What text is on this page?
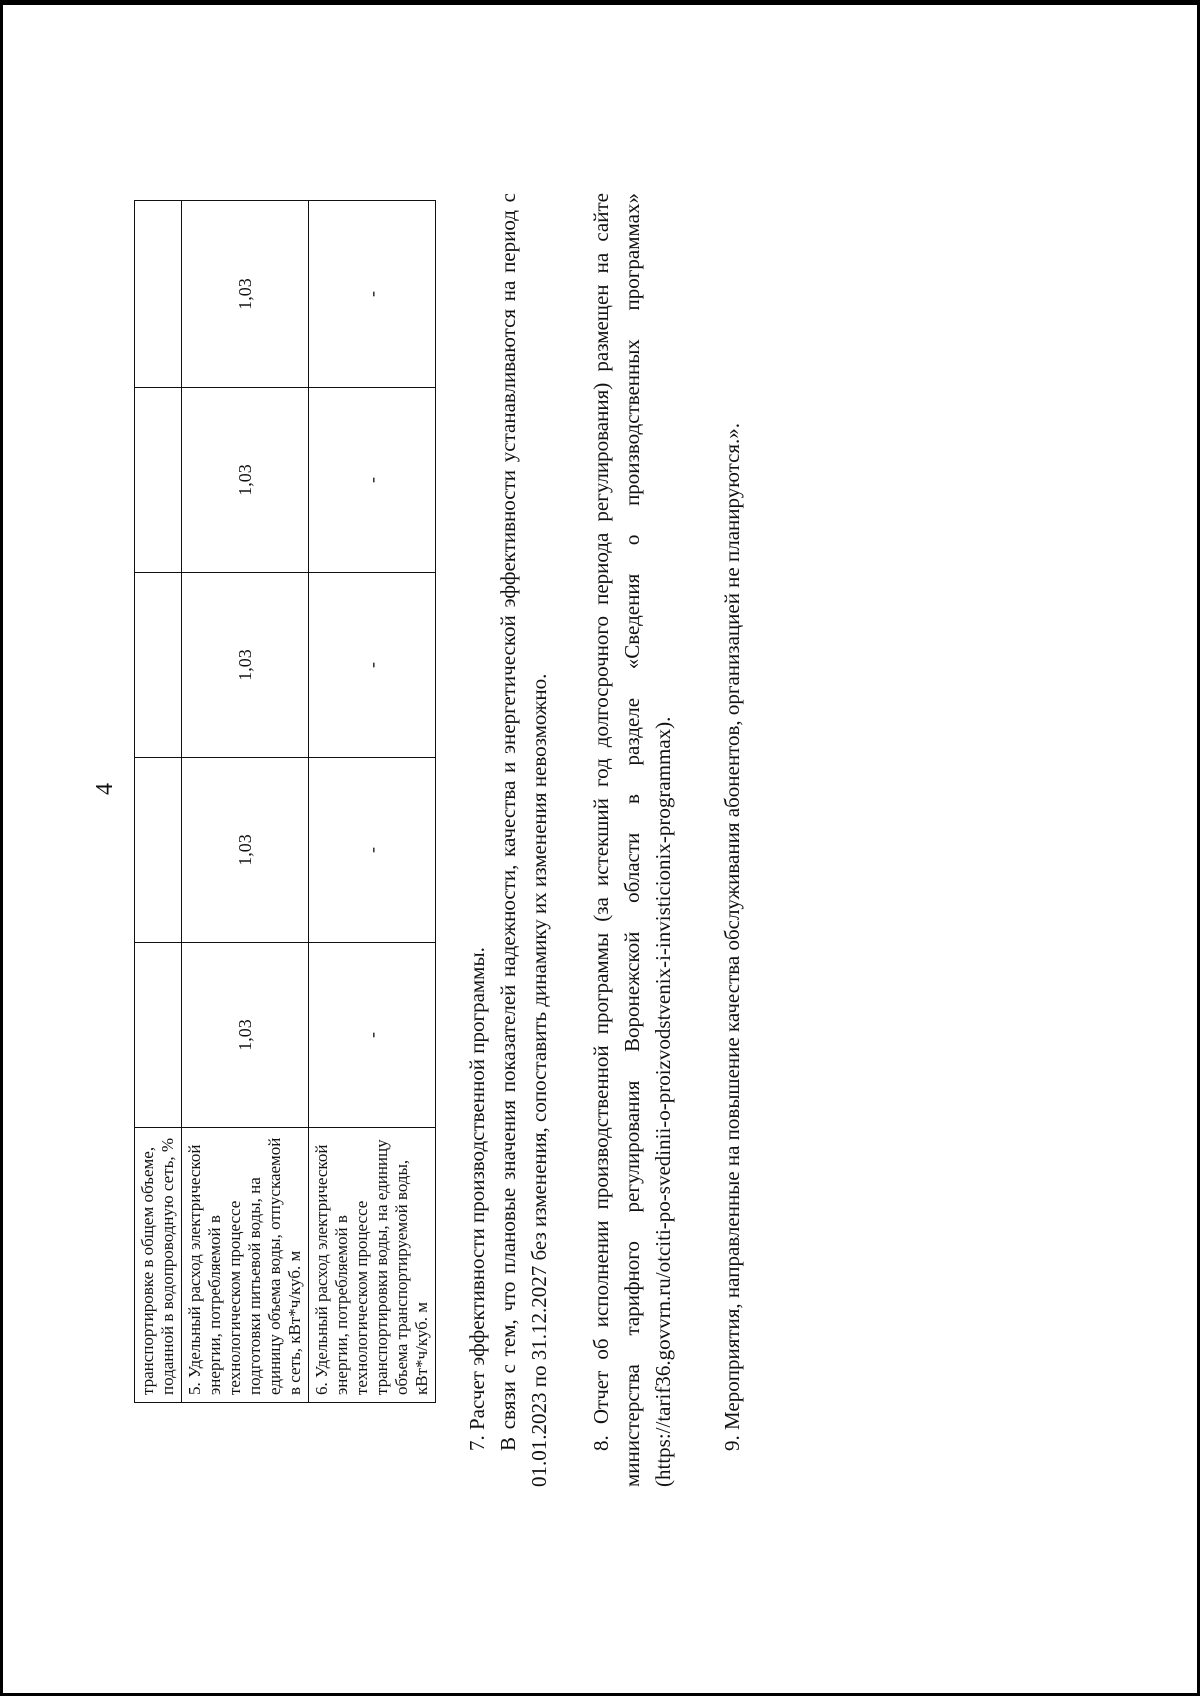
4
транспортировке в общем объеме, поданной в водопроводную сеть, %					
5. Удельный расход электрической энергии, потребляемой в технологическом процессе подготовки питьевой воды, на единицу объема воды, отпускаемой в сеть, кВт*ч/куб. м	1,03	1,03	1,03	1,03	1,03
6. Удельный расход электрической энергии, потребляемой в технологическом процессе транспортировки воды, на единицу объема транспортируемой воды, кВт*ч/куб. м	-	-	-	-	-

7. Расчет эффективности производственной программы. В связи с тем, что плановые значения показателей надежности, качества и энергетической эффективности устанавливаются на период с 01.01.2023 по 31.12.2027 без изменения, сопоставить динамику их изменения невозможно. 8. Отчет об исполнении производственной программы (за истекший год долгосрочного периода регулирования) размещен на сайте министерства тарифного регулирования Воронежской области в разделе «Сведения о производственных программах» (https://tarif36.govvrn.ru/otciti-po-svedinii-o-proizvodstvenix-i-invisticionix-programmax). 9. Мероприятия, направленные на повышение качества обслуживания абонентов, организацией не планируются.».
